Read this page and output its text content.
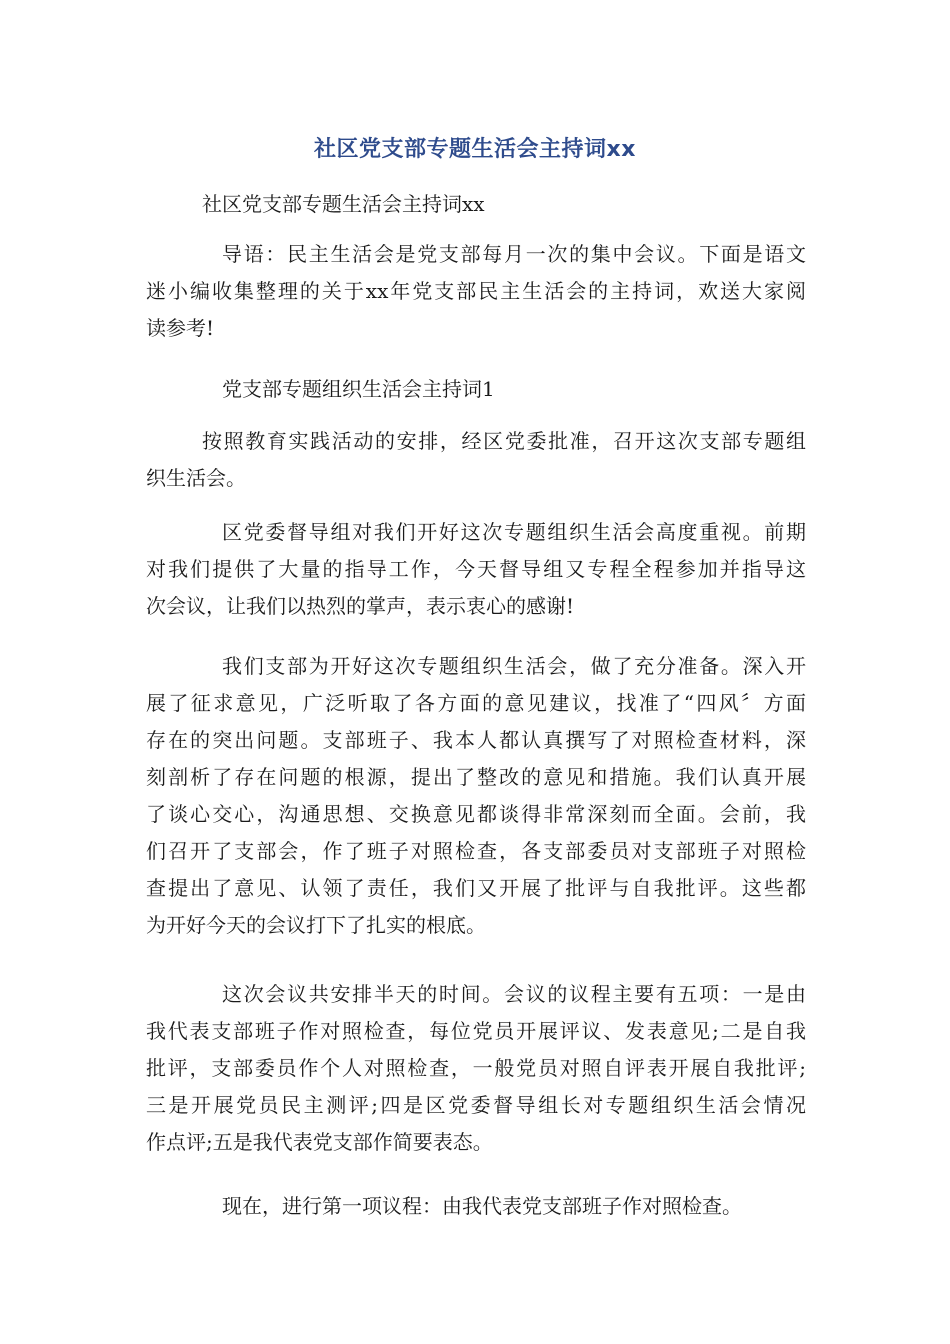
社区党支部专题生活会主持词xx
社区党支部专题生活会主持词xx
导语：民主生活会是党支部每月一次的集中会议。下面是语文
迷小编收集整理的关于xx年党支部民主生活会的主持词，欢送大家阅
读参考!
党支部专题组织生活会主持词1
按照教育实践活动的安排，经区党委批准，召开这次支部专题组
织生活会。
区党委督导组对我们开好这次专题组织生活会高度重视。前期
对我们提供了大量的指导工作，今天督导组又专程全程参加并指导这
次会议，让我们以热烈的掌声，表示衷心的感谢!
我们支部为开好这次专题组织生活会，做了充分准备。深入开
展了征求意见，广泛听取了各方面的意见建议，找准了“四风〞方面
存在的突出问题。支部班子、我本人都认真撰写了对照检查材料，深
刻剖析了存在问题的根源，提出了整改的意见和措施。我们认真开展
了谈心交心，沟通思想、交换意见都谈得非常深刻而全面。会前，我
们召开了支部会，作了班子对照检查，各支部委员对支部班子对照检
查提出了意见、认领了责任，我们又开展了批评与自我批评。这些都
为开好今天的会议打下了扎实的根底。
这次会议共安排半天的时间。会议的议程主要有五项：一是由
我代表支部班子作对照检查，每位党员开展评议、发表意见;二是自我
批评，支部委员作个人对照检查，一般党员对照自评表开展自我批评;
三是开展党员民主测评;四是区党委督导组长对专题组织生活会情况
作点评;五是我代表党支部作简要表态。
现在，进行第一项议程：由我代表党支部班子作对照检查。
